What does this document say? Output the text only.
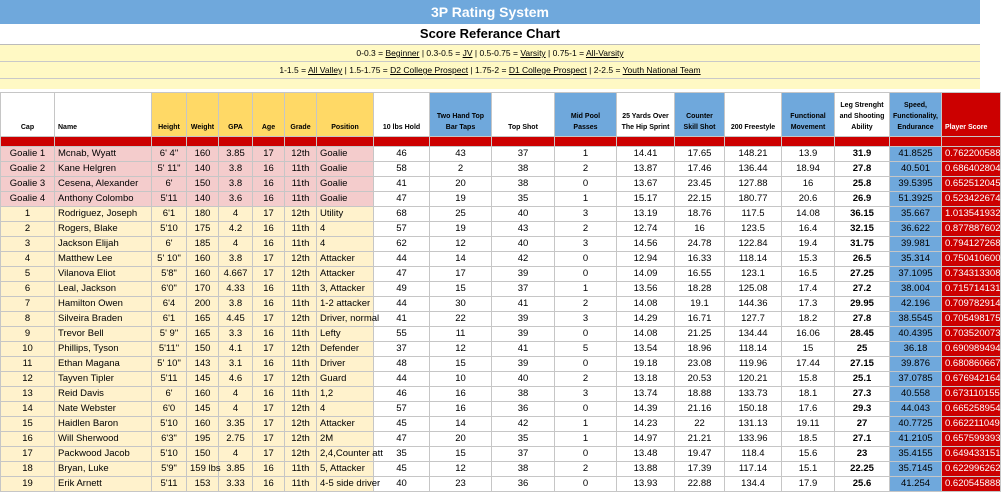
3P Rating System
Score Referance Chart
0-0.3 = Beginner | 0.3-0.5 = JV | 0.5-0.75 = Varsity | 0.75-1 = All-Varsity
1-1.5 = All Valley | 1.5-1.75 = D2 College Prospect | 1.75-2 = D1 College Prospect | 2-2.5 = Youth National Team
Cap	Name	Height	Weight	GPA	Age	Grade	Position	10 lbs Hold	Two Hand Top Bar Taps	Top Shot	Mid Pool Passes	25 Yards Over The Hip Sprint	Counter Skill Shot	200 Freestyle	Functional Movement	Leg Strenght and Shooting Ability	Speed, Functionality, Endurance	Player Score

Goalie 1	Mcnab, Wyatt	6' 4"	160	3.85	17	12th	Goalie	46	43	37	1	14.41	17.65	148.21	13.9	31.9	41.8525	0.762200588
Goalie 2	Kane Helgren	5' 11"	140	3.8	16	11th	Goalie	58	2	38	2	13.87	17.46	136.44	18.94	27.8	40.501	0.686402804
Goalie 3	Cesena, Alexander	6'	150	3.8	16	11th	Goalie	41	20	38	0	13.67	23.45	127.88	16	25.8	39.5395	0.652512045
Goalie 4	Anthony Colombo	5'11	140	3.6	16	11th	Goalie	47	19	35	1	15.17	22.15	180.77	20.6	26.9	51.3925	0.523422674
1	Rodriguez, Joseph	6'1	180	4	17	12th	Utility	68	25	40	3	13.19	18.76	117.5	14.08	36.15	35.667	1.013541932
2	Rogers, Blake	5'10	175	4.2	16	11th	4	57	19	43	2	12.74	16	123.5	16.4	32.15	36.622	0.877887602
3	Jackson Elijah	6'	185	4	16	11th	4	62	12	40	3	14.56	24.78	122.84	19.4	31.75	39.981	0.794127268
4	Matthew Lee	5' 10"	160	3.8	17	12th	Attacker	44	14	42	0	12.94	16.33	118.14	15.3	26.5	35.314	0.750410600
5	Vilanova Eliot	5'8"	160	4.667	17	12th	Attacker	47	17	39	0	14.09	16.55	123.1	16.5	27.25	37.1095	0.734313308
6	Leal, Jackson	6'0"	170	4.33	16	11th	3, Attacker	49	15	37	1	13.56	18.28	125.08	17.4	27.2	38.004	0.715714131
7	Hamilton Owen	6'4	200	3.8	16	11th	1-2 attacker	44	30	41	2	14.08	19.1	144.36	17.3	29.95	42.196	0.709782914
8	Silveira Braden	6'1	165	4.45	17	12th	Driver, normal	41	22	39	3	14.29	16.71	127.7	18.2	27.8	38.5545	0.705498175
9	Trevor Bell	5' 9"	165	3.3	16	11th	Lefty	55	11	39	0	14.08	21.25	134.44	16.06	28.45	40.4395	0.703520073
10	Phillips, Tyson	5'11"	150	4.1	17	12th	Defender	37	12	41	5	13.54	18.96	118.14	15	25	36.18	0.690989494
11	Ethan Magana	5' 10"	143	3.1	16	11th	Driver	48	15	39	0	19.18	23.08	119.96	17.44	27.15	39.876	0.680860667
12	Tayven Tipler	5'11	145	4.6	17	12th	Guard	44	10	40	2	13.18	20.53	120.21	15.8	25.1	37.0785	0.676942164
13	Reid Davis	6'	160	4	16	11th	1,2	46	16	38	3	13.74	18.88	133.73	18.1	27.3	40.558	0.673110155
14	Nate Webster	6'0	145	4	17	12th	4	57	16	36	0	14.39	21.16	150.18	17.6	29.3	44.043	0.665258954
15	Haidlen Baron	5'10	160	3.35	17	12th	Attacker	45	14	42	1	14.23	22	131.13	19.11	27	40.7725	0.662211049
16	Will Sherwood	6'3"	195	2.75	17	12th	2M	47	20	35	1	14.97	21.21	133.96	18.5	27.1	41.2105	0.657599393
17	Packwood Jacob	5'10	150	4	17	12th	2,4,Counter att	35	15	37	0	13.48	19.47	118.4	15.6	23	35.4155	0.649433151
18	Bryan, Luke	5'9"	159 lbs	3.85	16	11th	5, Attacker	45	12	38	2	13.88	17.39	117.14	15.1	22.25	35.7145	0.622996262
19	Erik Arnett	5'11	153	3.33	16	11th	4-5 side driver	40	23	36	0	13.93	22.88	134.4	17.9	25.6	41.254	0.620545888
